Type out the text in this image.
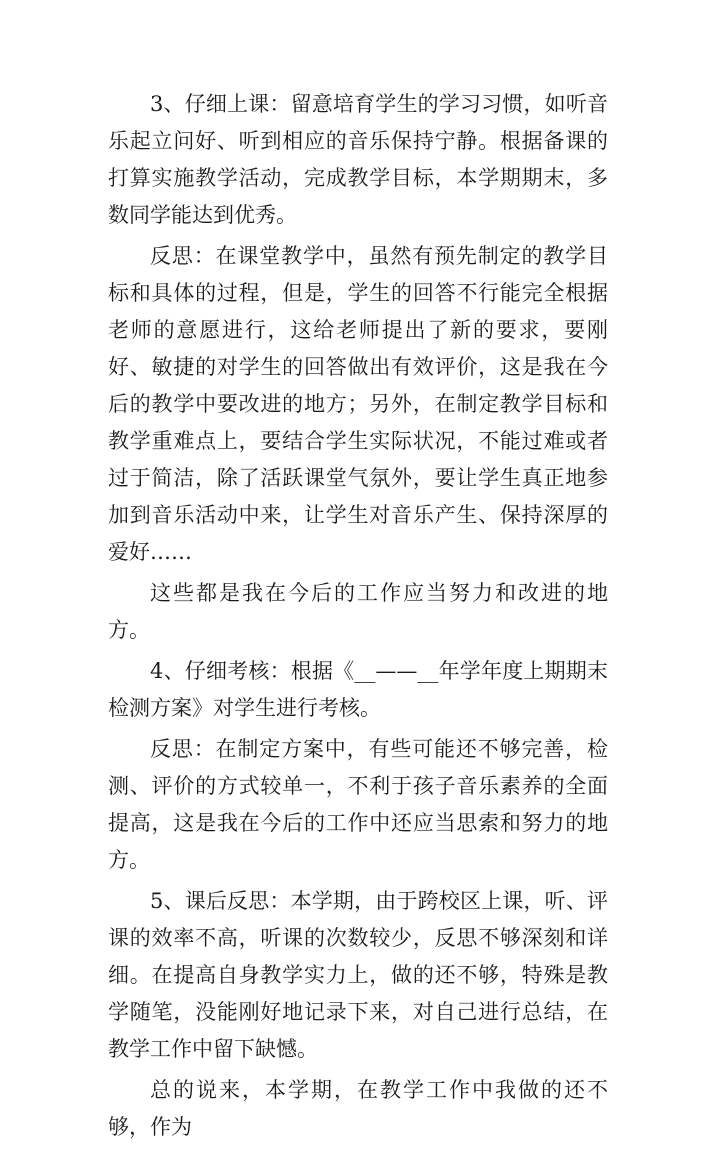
3、仔细上课：留意培育学生的学习习惯，如听音乐起立问好、听到相应的音乐保持宁静。根据备课的打算实施教学活动，完成教学目标，本学期期末，多数同学能达到优秀。

反思：在课堂教学中，虽然有预先制定的教学目标和具体的过程，但是，学生的回答不行能完全根据老师的意愿进行，这给老师提出了新的要求，要刚好、敏捷的对学生的回答做出有效评价，这是我在今后的教学中要改进的地方；另外，在制定教学目标和教学重难点上，要结合学生实际状况，不能过难或者过于简洁，除了活跃课堂气氛外，要让学生真正地参加到音乐活动中来，让学生对音乐产生、保持深厚的爱好……

这些都是我在今后的工作应当努力和改进的地方。

4、仔细考核：根据《__——__年学年度上期期末检测方案》对学生进行考核。

反思：在制定方案中，有些可能还不够完善，检测、评价的方式较单一，不利于孩子音乐素养的全面提高，这是我在今后的工作中还应当思索和努力的地方。

5、课后反思：本学期，由于跨校区上课，听、评课的效率不高，听课的次数较少，反思不够深刻和详细。在提高自身教学实力上，做的还不够，特殊是教学随笔，没能刚好地记录下来，对自己进行总结，在教学工作中留下缺憾。

总的说来，本学期，在教学工作中我做的还不够，作为
